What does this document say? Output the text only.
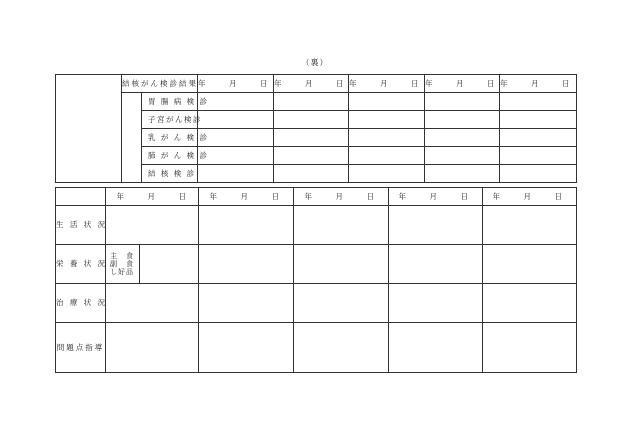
（裏）
	結核がん検診結果		年　月　日	年　月　日	年　月　日	年　月　日	年　月　日
		胃 腸 病 検 診					
		子宮がん検診					
		乳 が ん 検 診					
		肺 が ん 検 診					
		結 核 検 診					
	年　月　日		年　月　日	年　月　日	年　月　日	年　月　日
生 活 状 況						
栄 養 状 況	主　食
副　食
し好品					

治 療 状 況						
問題点指導						
